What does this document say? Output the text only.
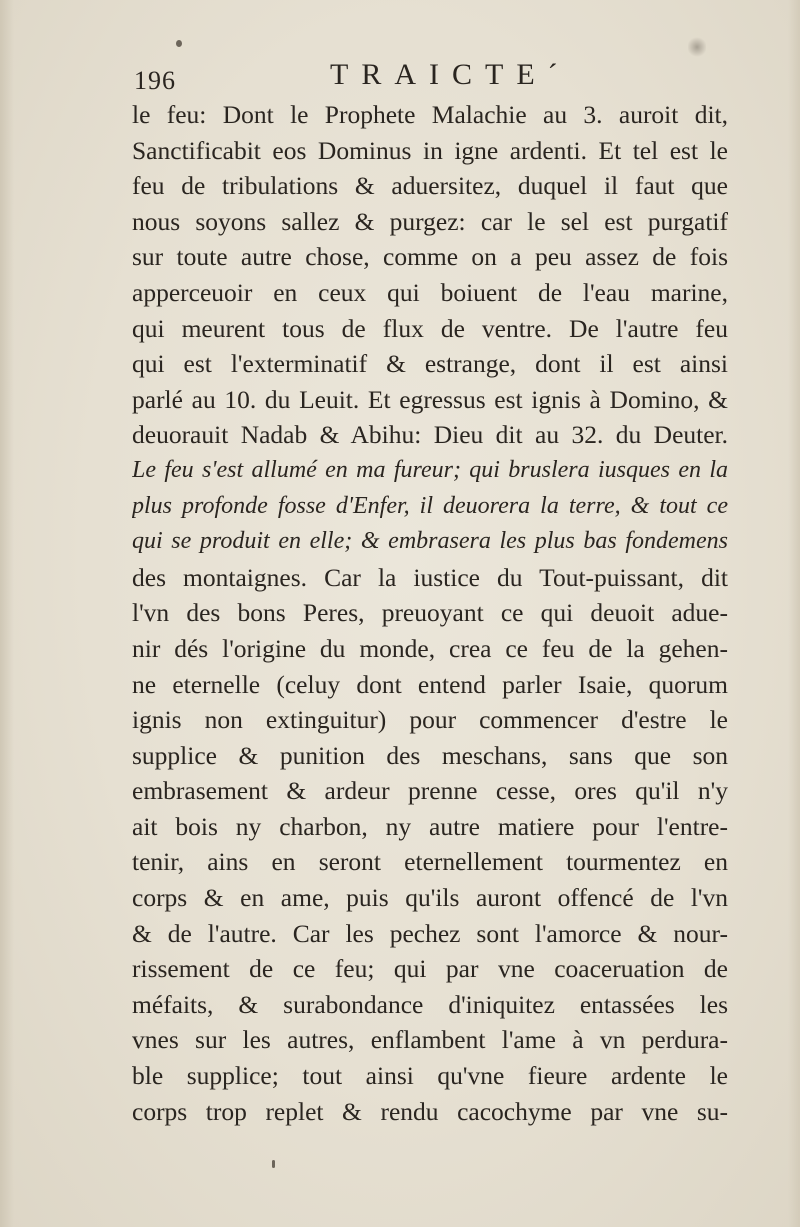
196	TRAICTE´
le feu: Dont le Prophete Malachie au 3. auroit dit,
Sanctificabit eos Dominus in igne ardenti. Et tel est le
feu de tribulations & aduersitez, duquel il faut que
nous soyons sallez & purgez: car le sel est purgatif
sur toute autre chose, comme on a peu assez de fois
apperceuoir en ceux qui boiuent de l'eau marine,
qui meurent tous de flux de ventre. De l'autre feu
qui est l'exterminatif & estrange, dont il est ainsi
parlé au 10. du Leuit. Et egressus est ignis à Domino, &
deuorauit Nadab & Abihu: Dieu dit au 32. du Deuter.
Le feu s'est allumé en ma fureur; qui bruslera iusques en la
plus profonde fosse d'Enfer, il deuorera la terre, & tout ce
qui se produit en elle; & embrasera les plus bas fondemens
des montaignes. Car la iustice du Tout-puissant, dit
l'vn des bons Peres, preuoyant ce qui deuoit adue-
nir dés l'origine du monde, crea ce feu de la gehen-
ne eternelle (celuy dont entend parler Isaie, quorum
ignis non extinguitur) pour commencer d'estre le
supplice & punition des meschans, sans que son
embrasement & ardeur prenne cesse, ores qu'il n'y
ait bois ny charbon, ny autre matiere pour l'entre-
tenir, ains en seront eternellement tourmentez en
corps & en ame, puis qu'ils auront offencé de l'vn
& de l'autre. Car les pechez sont l'amorce & nour-
rissement de ce feu; qui par vne coaceruation de
méfaits, & surabondance d'iniquitez entassées les
vnes sur les autres, enflambent l'ame à vn perdura-
ble supplice; tout ainsi qu'vne fieure ardente le
corps trop replet & rendu cacochyme par vne su-
